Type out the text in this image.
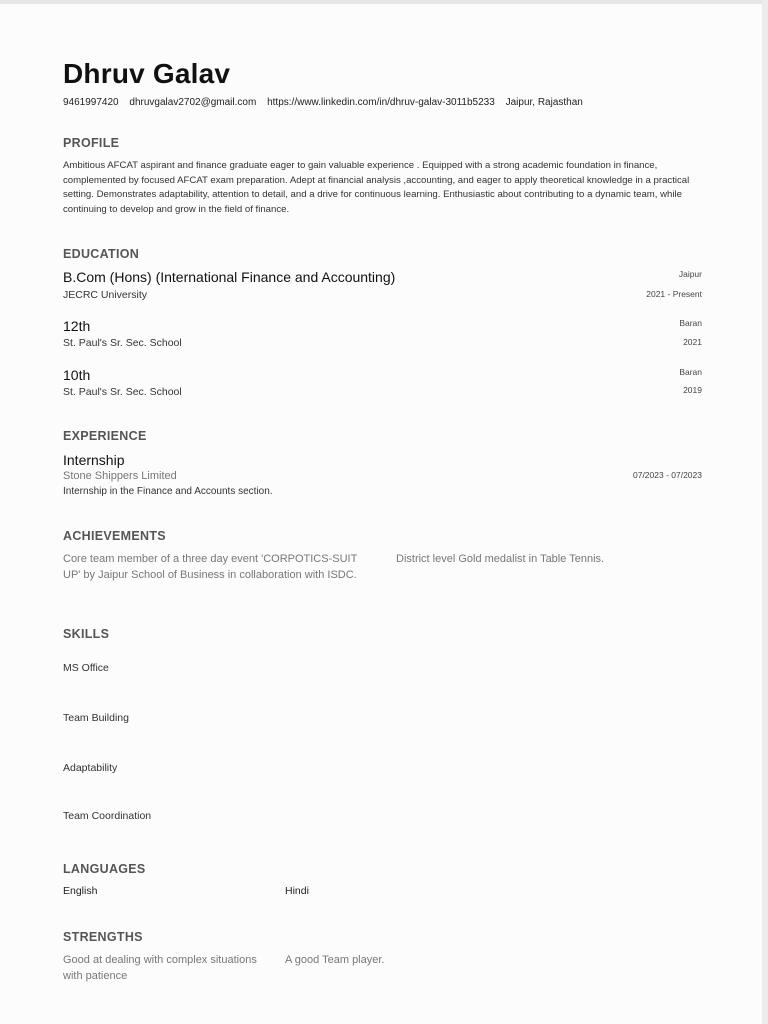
Dhruv Galav
9461997420 dhruvgalav2702@gmail.com https://www.linkedin.com/in/dhruv-galav-3011b5233 Jaipur, Rajasthan
PROFILE
Ambitious AFCAT aspirant and finance graduate eager to gain valuable experience . Equipped with a strong academic foundation in finance, complemented by focused AFCAT exam preparation. Adept at financial analysis ,accounting, and eager to apply theoretical knowledge in a practical setting. Demonstrates adaptability, attention to detail, and a drive for continuous learning. Enthusiastic about contributing to a dynamic team, while continuing to develop and grow in the field of finance.
EDUCATION
B.Com (Hons) (International Finance and Accounting)
JECRC University
Jaipur
2021 - Present
12th
St. Paul's Sr. Sec. School
Baran
2021
10th
St. Paul's Sr. Sec. School
Baran
2019
EXPERIENCE
Internship
Stone Shippers Limited
Internship in the Finance and Accounts section.
07/2023 - 07/2023
ACHIEVEMENTS
Core team member of a three day event 'CORPOTICS-SUIT UP' by Jaipur School of Business in collaboration with ISDC.
District level Gold medalist in Table Tennis.
SKILLS
MS Office
Team Building
Adaptability
Team Coordination
LANGUAGES
English	Hindi
STRENGTHS
Good at dealing with complex situations with patience
A good Team player.
